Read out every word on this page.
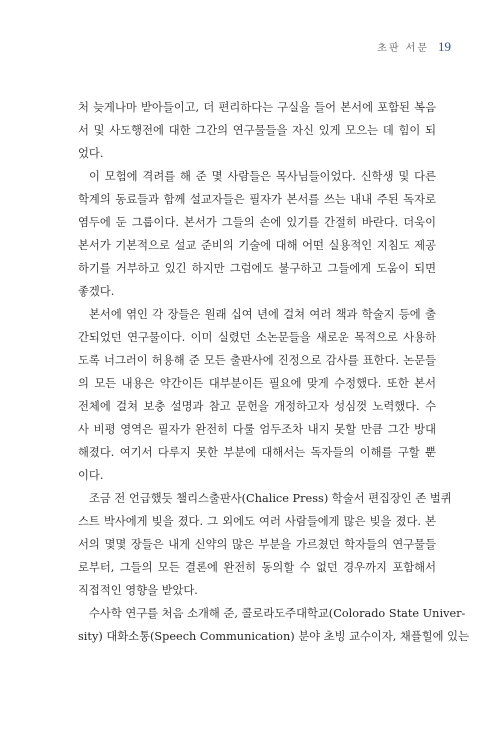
초판 서문 19
처 늦게나마 받아들이고, 더 편리하다는 구실을 들어 본서에 포함된 복음
서 및 사도행전에 대한 그간의 연구물들을 자신 있게 모으는 데 힘이 되
었다.
이 모험에 격려를 해 준 몇 사람들은 목사님들이었다. 신학생 및 다른
학계의 동료들과 함께 설교자들은 필자가 본서를 쓰는 내내 주된 독자로
염두에 둔 그룹이다. 본서가 그들의 손에 있기를 간절히 바란다. 더욱이
본서가 기본적으로 설교 준비의 기술에 대해 어떤 실용적인 지침도 제공
하기를 거부하고 있긴 하지만 그럼에도 불구하고 그들에게 도움이 되면
좋겠다.
본서에 엮인 각 장들은 원래 십여 년에 걸쳐 여러 책과 학술지 등에 출
간되었던 연구물이다. 이미 실렸던 소논문들을 새로운 목적으로 사용하
도록 너그러이 허용해 준 모든 출판사에 진정으로 감사를 표한다. 논문들
의 모든 내용은 약간이든 대부분이든 필요에 맞게 수정했다. 또한 본서
전체에 걸쳐 보충 설명과 참고 문헌을 개정하고자 성심껏 노력했다. 수
사 비평 영역은 필자가 완전히 다룰 엄두조차 내지 못할 만큼 그간 방대
해졌다. 여기서 다루지 못한 부분에 대해서는 독자들의 이해를 구할 뿐
이다.
조금 전 언급했듯 챌리스출판사(Chalice Press) 학술서 편집장인 존 벌퀴
스트 박사에게 빚을 졌다. 그 외에도 여러 사람들에게 많은 빚을 졌다. 본
서의 몇몇 장들은 내게 신약의 많은 부분을 가르쳤던 학자들의 연구물들
로부터, 그들의 모든 결론에 완전히 동의할 수 없던 경우까지 포함해서
직접적인 영향을 받았다.
수사학 연구를 처음 소개해 준, 콜로라도주대학교(Colorado State Univer-
sity) 대화소통(Speech Communication) 분야 초빙 교수이자, 채플힐에 있는
